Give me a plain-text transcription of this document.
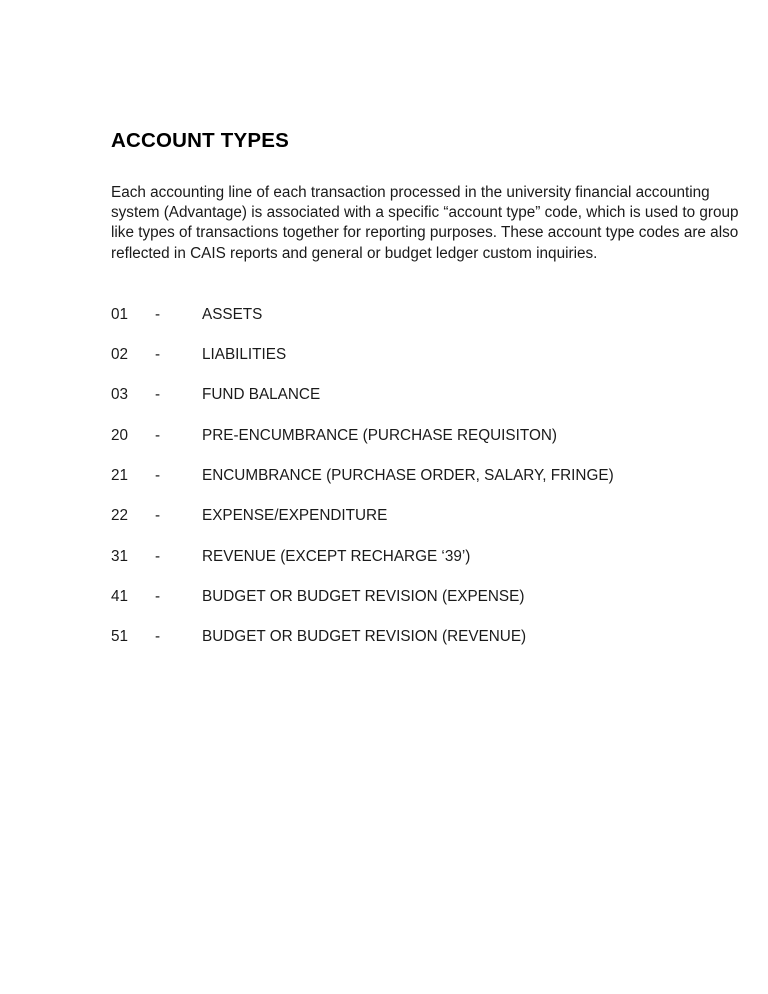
ACCOUNT TYPES

Each accounting line of each transaction processed in the university financial accounting system (Advantage) is associated with a specific “account type” code, which is used to group like types of transactions together for reporting purposes. These account type codes are also reflected in CAIS reports and general or budget ledger custom inquiries.

01	-	ASSETS
02	-	LIABILITIES
03	-	FUND BALANCE
20	-	PRE-ENCUMBRANCE (PURCHASE REQUISITON)
21	-	ENCUMBRANCE (PURCHASE ORDER, SALARY, FRINGE)
22	-	EXPENSE/EXPENDITURE
31	-	REVENUE (EXCEPT RECHARGE ‘39’)
41	-	BUDGET OR BUDGET REVISION (EXPENSE)
51	-	BUDGET OR BUDGET REVISION (REVENUE)
